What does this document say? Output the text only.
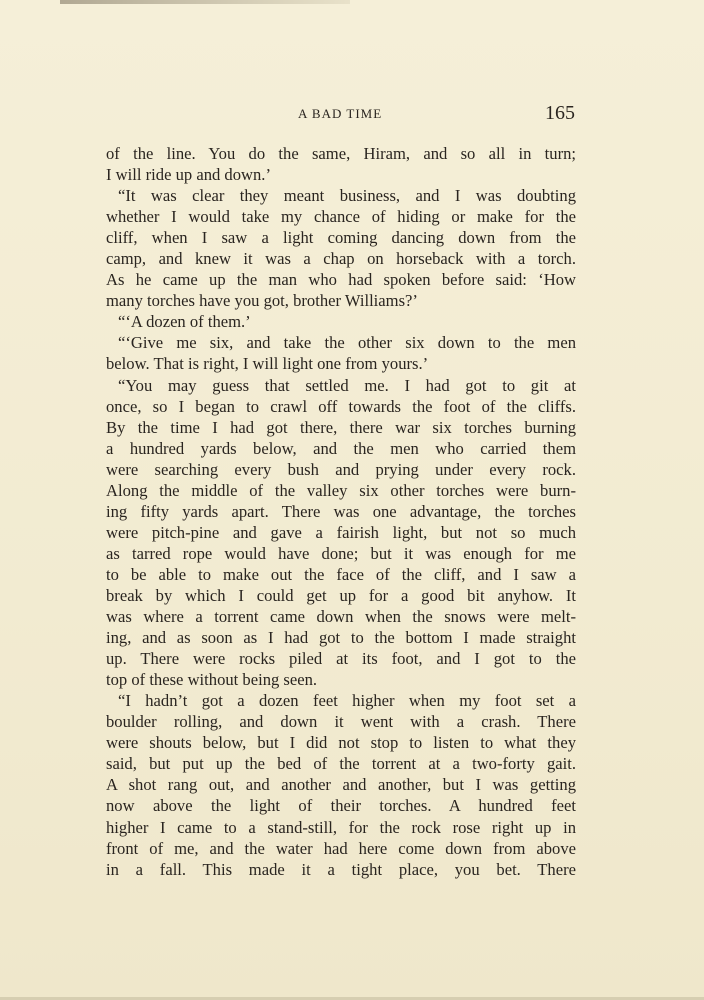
A BAD TIME	165
of the line. You do the same, Hiram, and so all in turn;
I will ride up and down.’
“It was clear they meant business, and I was doubting
whether I would take my chance of hiding or make for the
cliff, when I saw a light coming dancing down from the
camp, and knew it was a chap on horseback with a torch.
As he came up the man who had spoken before said: ‘How
many torches have you got, brother Williams?’
“‘A dozen of them.’
“‘Give me six, and take the other six down to the men
below. That is right, I will light one from yours.’
“You may guess that settled me. I had got to git at
once, so I began to crawl off towards the foot of the cliffs.
By the time I had got there, there war six torches burning
a hundred yards below, and the men who carried them
were searching every bush and prying under every rock.
Along the middle of the valley six other torches were burn-
ing fifty yards apart. There was one advantage, the torches
were pitch-pine and gave a fairish light, but not so much
as tarred rope would have done; but it was enough for me
to be able to make out the face of the cliff, and I saw a
break by which I could get up for a good bit anyhow. It
was where a torrent came down when the snows were melt-
ing, and as soon as I had got to the bottom I made straight
up. There were rocks piled at its foot, and I got to the
top of these without being seen.
“I hadn’t got a dozen feet higher when my foot set a
boulder rolling, and down it went with a crash. There
were shouts below, but I did not stop to listen to what they
said, but put up the bed of the torrent at a two-forty gait.
A shot rang out, and another and another, but I was getting
now above the light of their torches. A hundred feet
higher I came to a stand-still, for the rock rose right up in
front of me, and the water had here come down from above
in a fall. This made it a tight place, you bet. There
